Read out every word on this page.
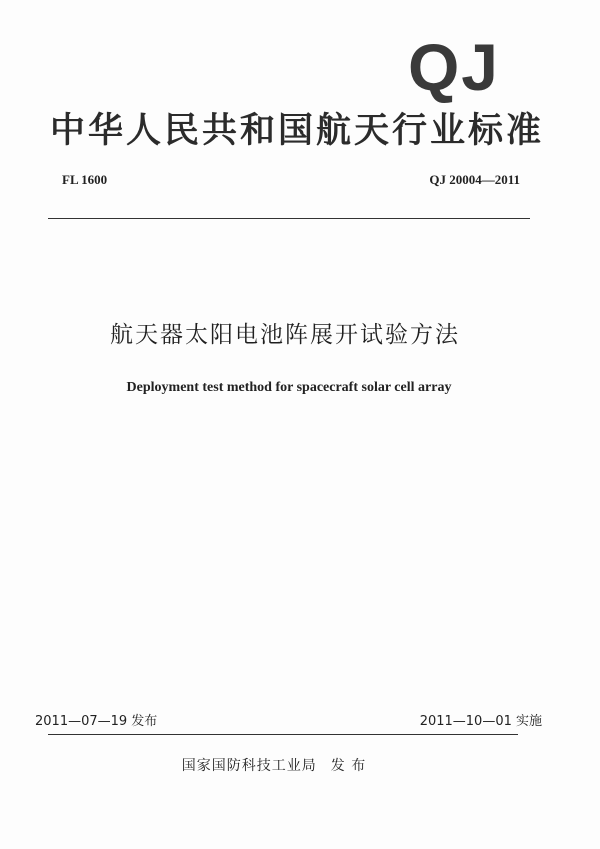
QJ
中华人民共和国航天行业标准
FL 1600	QJ 20004—2011
航天器太阳电池阵展开试验方法
Deployment test method for spacecraft solar cell array
2011—07—19 发布	2011—10—01 实施
国家国防科技工业局 发 布
